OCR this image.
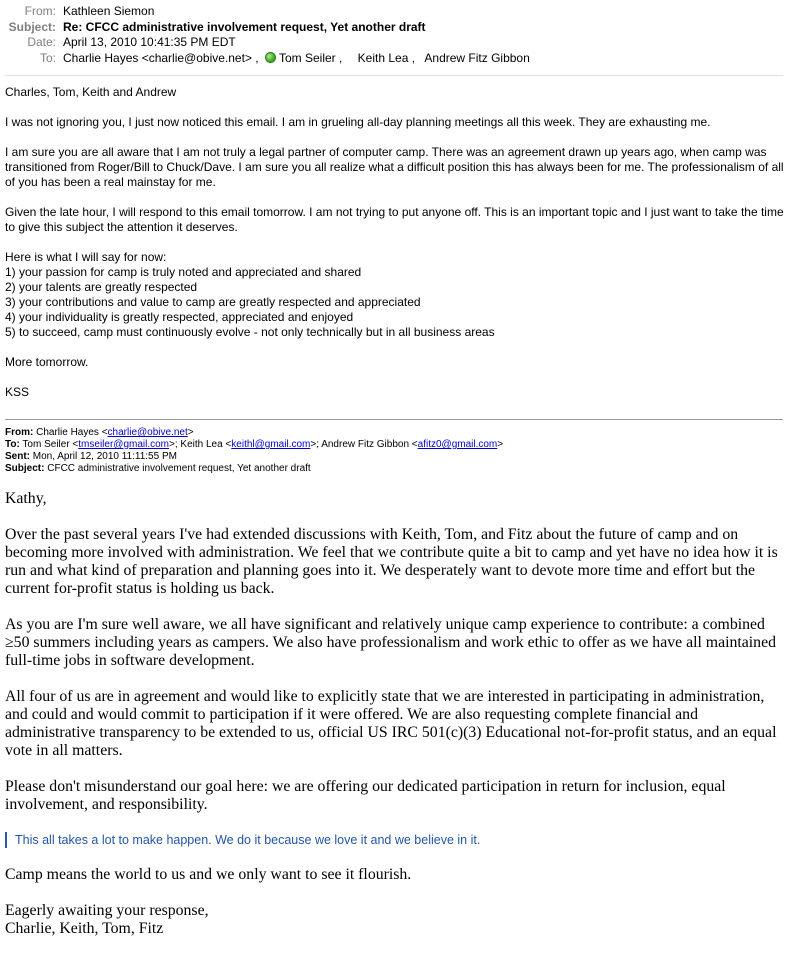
From: Kathleen Siemon
Subject: Re: CFCC administrative involvement request, Yet another draft
Date: April 13, 2010 10:41:35 PM EDT
To: Charlie Hayes <charlie@obive.net> , Tom Seiler , Keith Lea , Andrew Fitz Gibbon

Charles, Tom, Keith and Andrew

I was not ignoring you, I just now noticed this email. I am in grueling all-day planning meetings all this week. They are exhausting me.

I am sure you are all aware that I am not truly a legal partner of computer camp. There was an agreement drawn up years ago, when camp was transitioned from Roger/Bill to Chuck/Dave. I am sure you all realize what a difficult position this has always been for me. The professionalism of all of you has been a real mainstay for me.

Given the late hour, I will respond to this email tomorrow. I am not trying to put anyone off. This is an important topic and I just want to take the time to give this subject the attention it deserves.

Here is what I will say for now:
1) your passion for camp is truly noted and appreciated and shared
2) your talents are greatly respected
3) your contributions and value to camp are greatly respected and appreciated
4) your individuality is greatly respected, appreciated and enjoyed
5) to succeed, camp must continuously evolve - not only technically but in all business areas

More tomorrow.

KSS

From: Charlie Hayes <charlie@obive.net>
To: Tom Seiler <tmseiler@gmail.com>; Keith Lea <keithl@gmail.com>; Andrew Fitz Gibbon <afitz0@gmail.com>
Sent: Mon, April 12, 2010 11:11:55 PM
Subject: CFCC administrative involvement request, Yet another draft

Kathy,

Over the past several years I've had extended discussions with Keith, Tom, and Fitz about the future of camp and on becoming more involved with administration. We feel that we contribute quite a bit to camp and yet have no idea how it is run and what kind of preparation and planning goes into it. We desperately want to devote more time and effort but the current for-profit status is holding us back.

As you are I'm sure well aware, we all have significant and relatively unique camp experience to contribute: a combined ≥50 summers including years as campers. We also have professionalism and work ethic to offer as we have all maintained full-time jobs in software development.

All four of us are in agreement and would like to explicitly state that we are interested in participating in administration, and could and would commit to participation if it were offered. We are also requesting complete financial and administrative transparency to be extended to us, official US IRC 501(c)(3) Educational not-for-profit status, and an equal vote in all matters.

Please don't misunderstand our goal here: we are offering our dedicated participation in return for inclusion, equal involvement, and responsibility.

This all takes a lot to make happen. We do it because we love it and we believe in it.

Camp means the world to us and we only want to see it flourish.

Eagerly awaiting your response,
Charlie, Keith, Tom, Fitz
